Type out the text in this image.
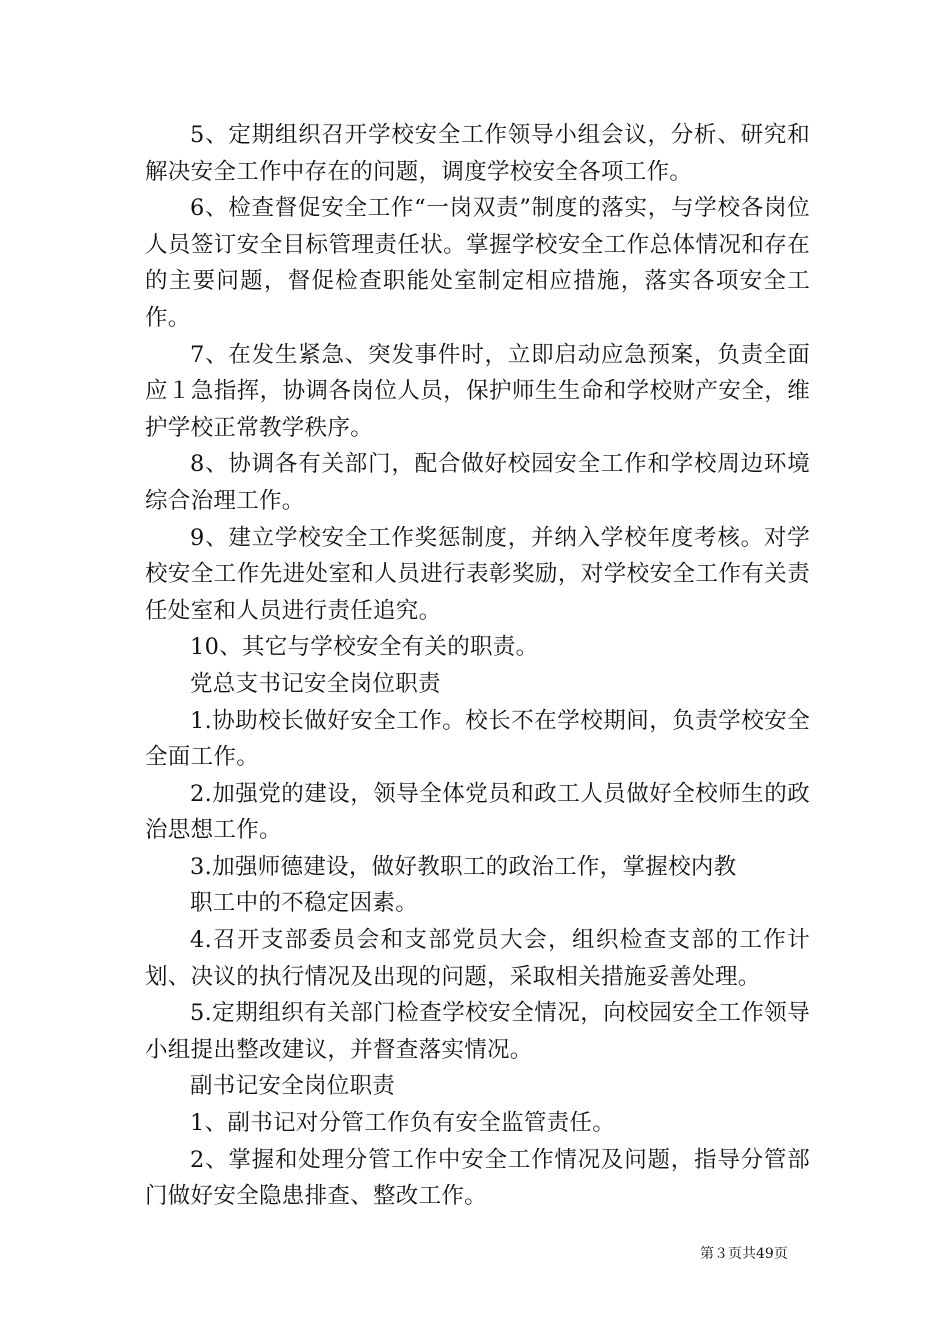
5、定期组织召开学校安全工作领导小组会议，分析、研究和解决安全工作中存在的问题，调度学校安全各项工作。

6、检查督促安全工作“一岗双责”制度的落实，与学校各岗位人员签订安全目标管理责任状。掌握学校安全工作总体情况和存在的主要问题，督促检查职能处室制定相应措施，落实各项安全工作。

7、在发生紧急、突发事件时，立即启动应急预案，负责全面应１急指挥，协调各岗位人员，保护师生生命和学校财产安全，维护学校正常教学秩序。

8、协调各有关部门，配合做好校园安全工作和学校周边环境综合治理工作。

9、建立学校安全工作奖惩制度，并纳入学校年度考核。对学校安全工作先进处室和人员进行表彰奖励，对学校安全工作有关责任处室和人员进行责任追究。

10、其它与学校安全有关的职责。

党总支书记安全岗位职责

1.协助校长做好安全工作。校长不在学校期间，负责学校安全全面工作。

2.加强党的建设，领导全体党员和政工人员做好全校师生的政治思想工作。

3.加强师德建设，做好教职工的政治工作，掌握校内教

职工中的不稳定因素。

4.召开支部委员会和支部党员大会，组织检查支部的工作计划、决议的执行情况及出现的问题，采取相关措施妥善处理。

5.定期组织有关部门检查学校安全情况，向校园安全工作领导小组提出整改建议，并督查落实情况。

副书记安全岗位职责

1、副书记对分管工作负有安全监管责任。

2、掌握和处理分管工作中安全工作情况及问题，指导分管部门做好安全隐患排查、整改工作。

第３页共49页
